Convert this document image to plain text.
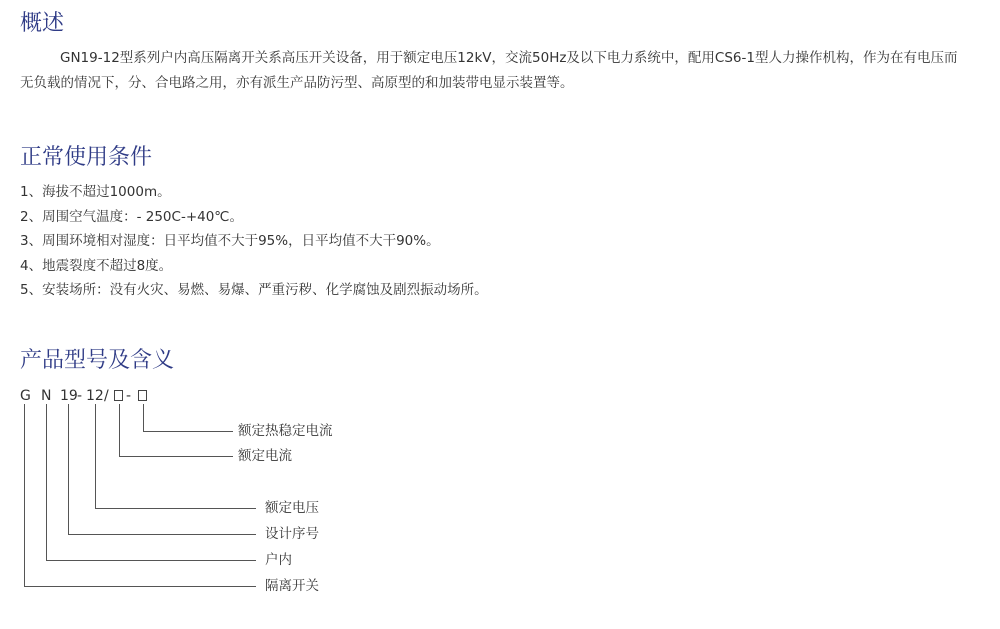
概述

GN19-12型系列户内高压隔离开关系高压开关设备，用于额定电压12kV，交流50Hz及以下电力系统中，配用CS6-1型人力操作机构，作为在有电压而无负载的情况下，分、合电路之用，亦有派生产品防污型、高原型的和加装带电显示装置等。

正常使用条件
1、海拔不超过1000m。
2、周围空气温度：- 250C-+40℃。
3、周围环境相对湿度：日平均值不大于95%，日平均值不大干90%。
4、地震裂度不超过8度。
5、安装场所：没有火灾、易燃、易爆、严重污秽、化学腐蚀及剧烈振动场所。
产品型号及含义
G N 19 - 12 / -
额定热稳定电流
额定电流
额定电压
设计序号
户内
隔离开关
